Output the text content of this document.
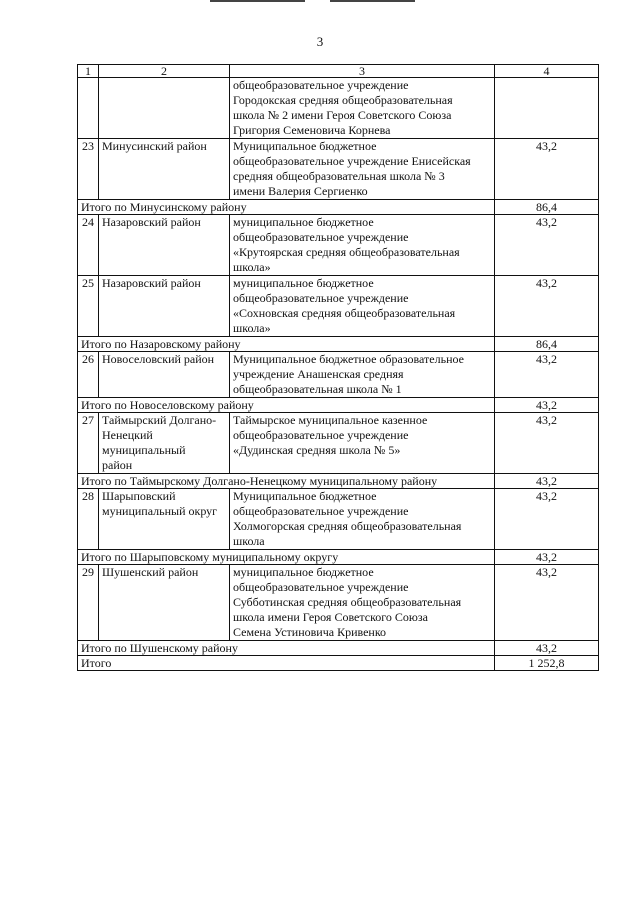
3
1	2	3	4
		общеобразовательное учреждение
Городокская средняя общеобразовательная
школа № 2 имени Героя Советского Союза
Григория Семеновича Корнева	
23	Минусинский район	Муниципальное бюджетное
общеобразовательное учреждение Енисейская
средняя общеобразовательная школа № 3
имени Валерия Сергиенко	43,2
Итого по Минусинскому району			86,4
24	Назаровский район	муниципальное бюджетное
общеобразовательное учреждение
«Крутоярская средняя общеобразовательная
школа»	43,2
25	Назаровский район	муниципальное бюджетное
общеобразовательное учреждение
«Сохновская средняя общеобразовательная
школа»	43,2
Итого по Назаровскому району			86,4
26	Новоселовский район	Муниципальное бюджетное образовательное
учреждение Анашенская средняя
общеобразовательная школа № 1	43,2
Итого по Новоселовскому району			43,2
27	Таймырский Долгано-
Ненецкий
муниципальный
район	Таймырское муниципальное казенное
общеобразовательное учреждение
«Дудинская средняя школа № 5»	43,2
Итого по Таймырскому Долгано-Ненецкому муниципальному району			43,2
28	Шарыповский
муниципальный округ	Муниципальное бюджетное
общеобразовательное учреждение
Холмогорская средняя общеобразовательная
школа	43,2
Итого по Шарыповскому муниципальному округу			43,2
29	Шушенский район	муниципальное бюджетное
общеобразовательное учреждение
Субботинская средняя общеобразовательная
школа имени Героя Советского Союза
Семена Устиновича Кривенко	43,2
Итого по Шушенскому району			43,2
Итого			1 252,8
